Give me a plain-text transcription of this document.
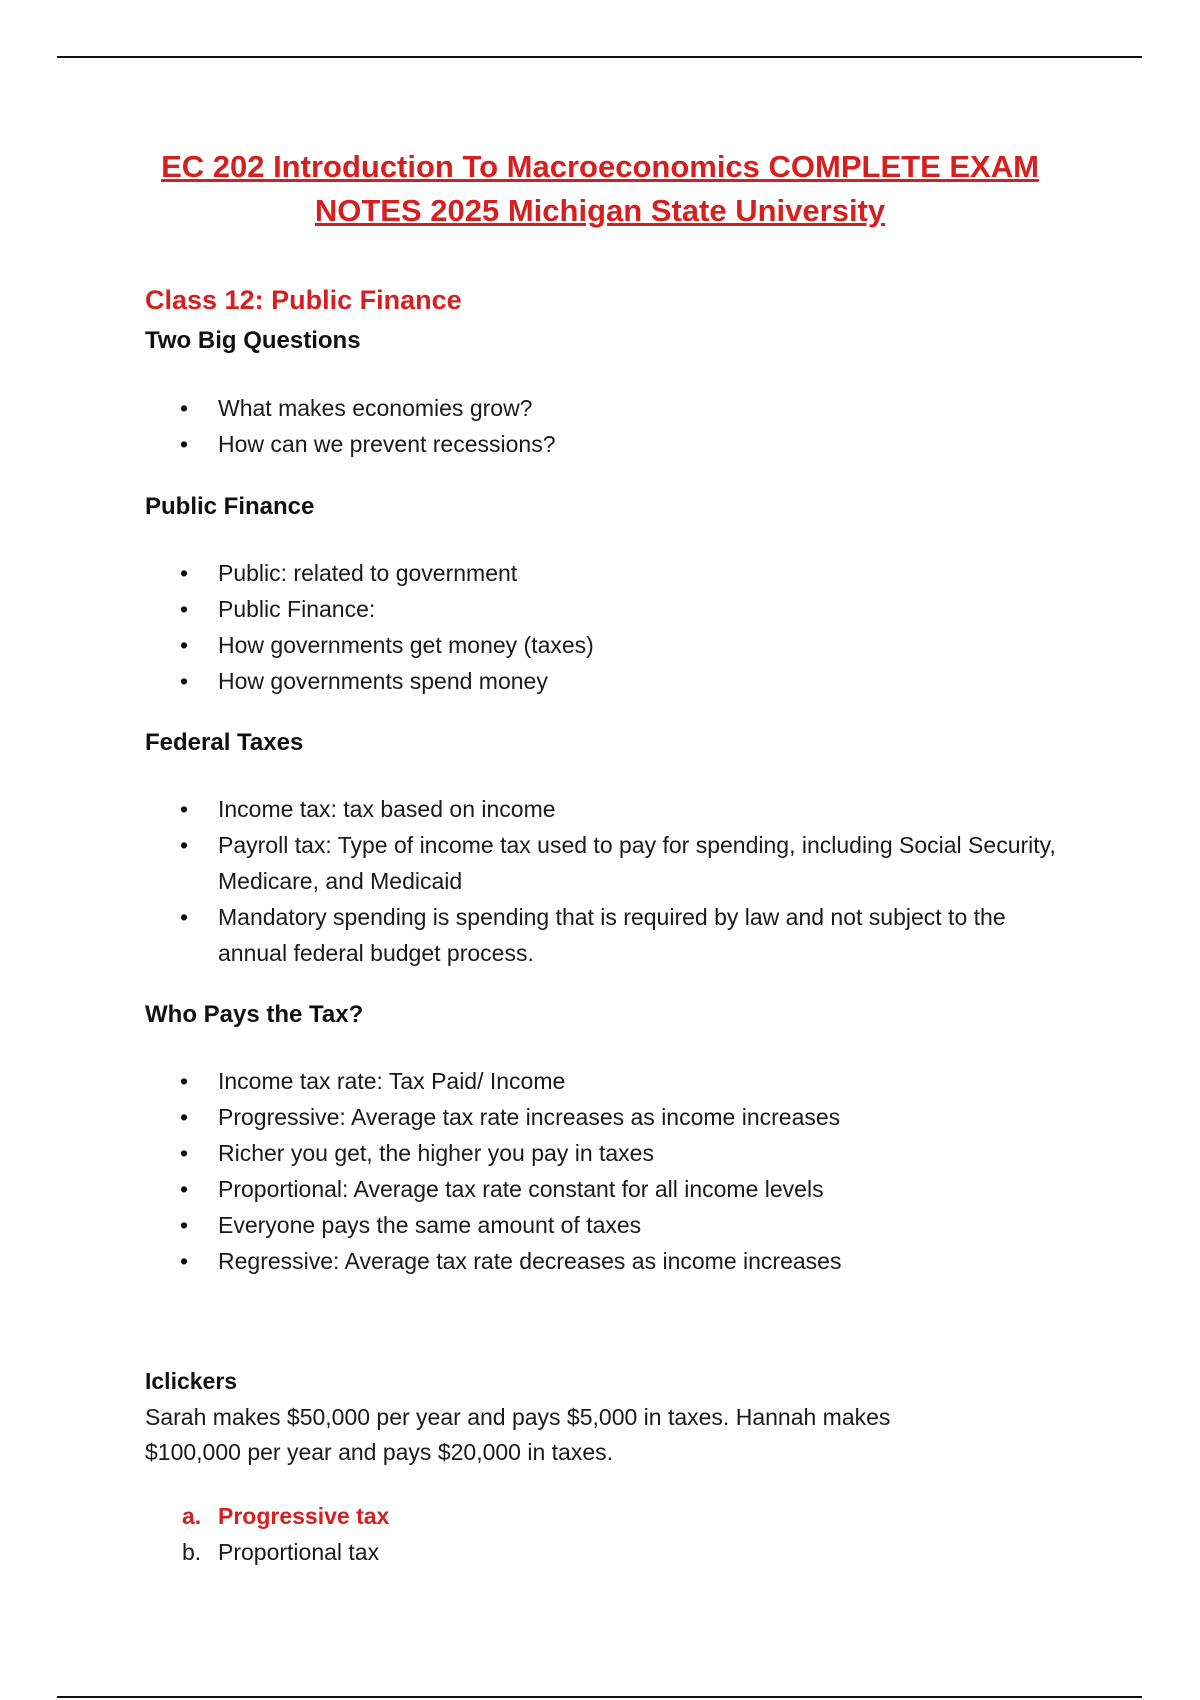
EC 202 Introduction To Macroeconomics COMPLETE EXAM
NOTES 2025 Michigan State University
Class 12: Public Finance
Two Big Questions
• What makes economies grow?
• How can we prevent recessions?
Public Finance
• Public: related to government
• Public Finance:
• How governments get money (taxes)
• How governments spend money
Federal Taxes
• Income tax: tax based on income
• Payroll tax: Type of income tax used to pay for spending, including Social Security, Medicare, and Medicaid
• Mandatory spending is spending that is required by law and not subject to the annual federal budget process.
Who Pays the Tax?
• Income tax rate: Tax Paid/ Income
• Progressive: Average tax rate increases as income increases
• Richer you get, the higher you pay in taxes
• Proportional: Average tax rate constant for all income levels
• Everyone pays the same amount of taxes
• Regressive: Average tax rate decreases as income increases
Iclickers
Sarah makes $50,000 per year and pays $5,000 in taxes. Hannah makes $100,000 per year and pays $20,000 in taxes.
a. Progressive tax
b. Proportional tax
